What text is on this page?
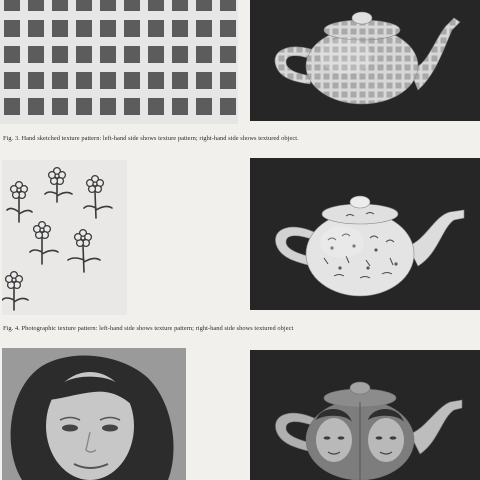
Fig. 3. Hand sketched texture pattern: left-hand side shows texture pattern; right-hand side shows textured object.
Fig. 4. Photographic texture pattern: left-hand side shows texture pattern; right-hand side shows textured object
